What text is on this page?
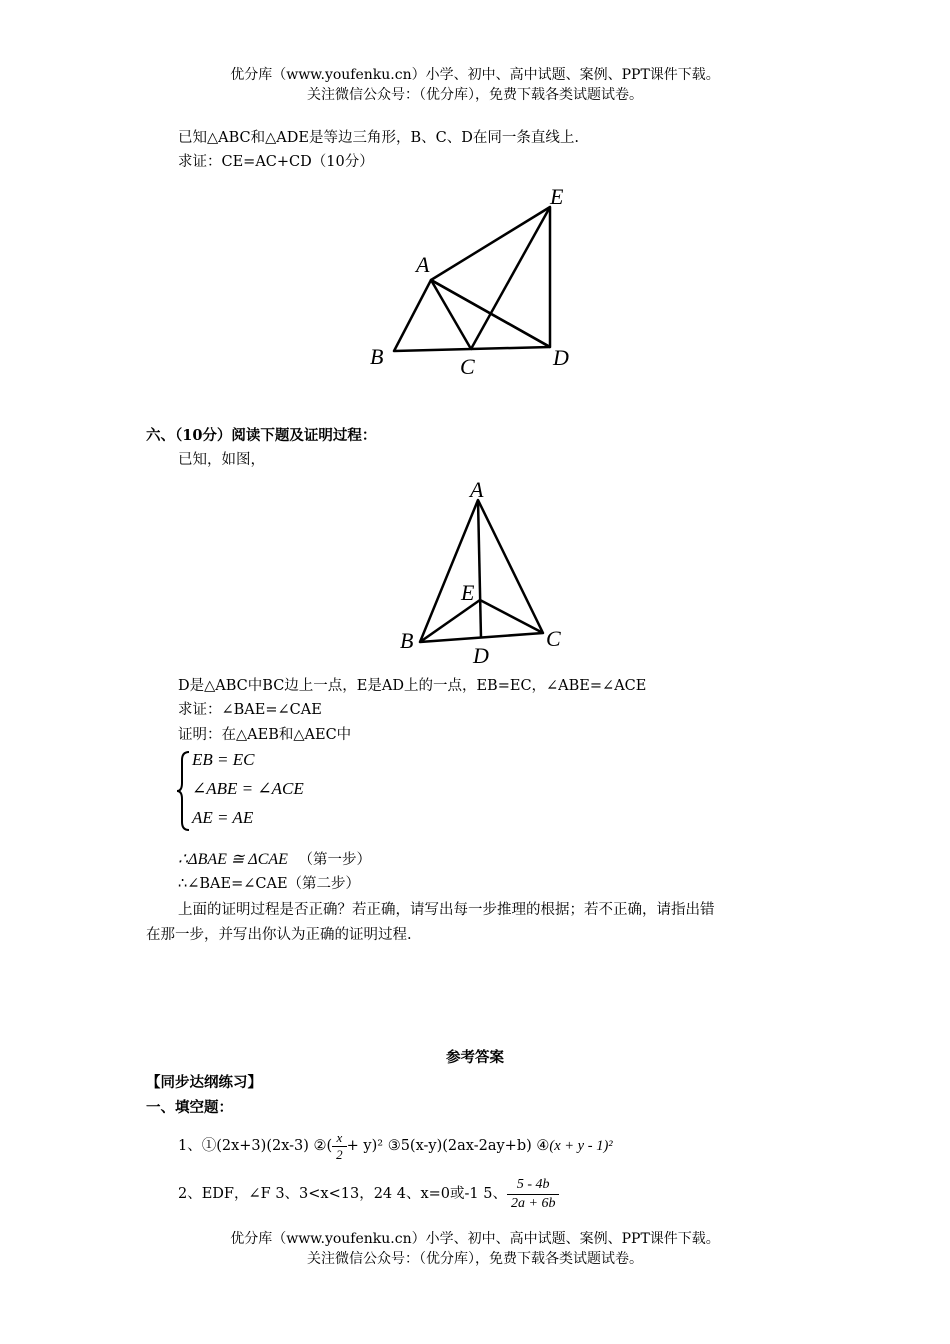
优分库（www.youfenku.cn）小学、初中、高中试题、案例、PPT课件下载。
关注微信公众号：（优分库），免费下载各类试题试卷。
已知△ABC和△ADE是等边三角形，B、C、D在同一条直线上.
求证：CE=AC+CD（10分）
A
E
B	C	D
六、（10分）阅读下题及证明过程：
已知，如图，
A
E
B	C
D
D是△ABC中BC边上一点，E是AD上的一点，EB=EC，∠ABE=∠ACE
求证：∠BAE=∠CAE
证明：在△AEB和△AEC中
EB = EC
∠ABE = ∠ACE
AE = AE
∴ΔBAE ≅ ΔCAE （第一步）
∴∠BAE=∠CAE（第二步）
上面的证明过程是否正确？若正确，请写出每一步推理的根据；若不正确，请指出错
在那一步，并写出你认为正确的证明过程.
参考答案
【同步达纲练习】
一、填空题：
1、①(2x+3)(2x-3) ②( $\frac{x}{2} + y)^2$ ③5(x-y)(2ax-2ay+b) ④(x + y - 1)²
2、EDF，∠F 3、3<x<13，24 4、x=0或-1 5、 $\frac{5 - 4b}{2a + 6b}$
优分库（www.youfenku.cn）小学、初中、高中试题、案例、PPT课件下载。
关注微信公众号：（优分库），免费下载各类试题试卷。
